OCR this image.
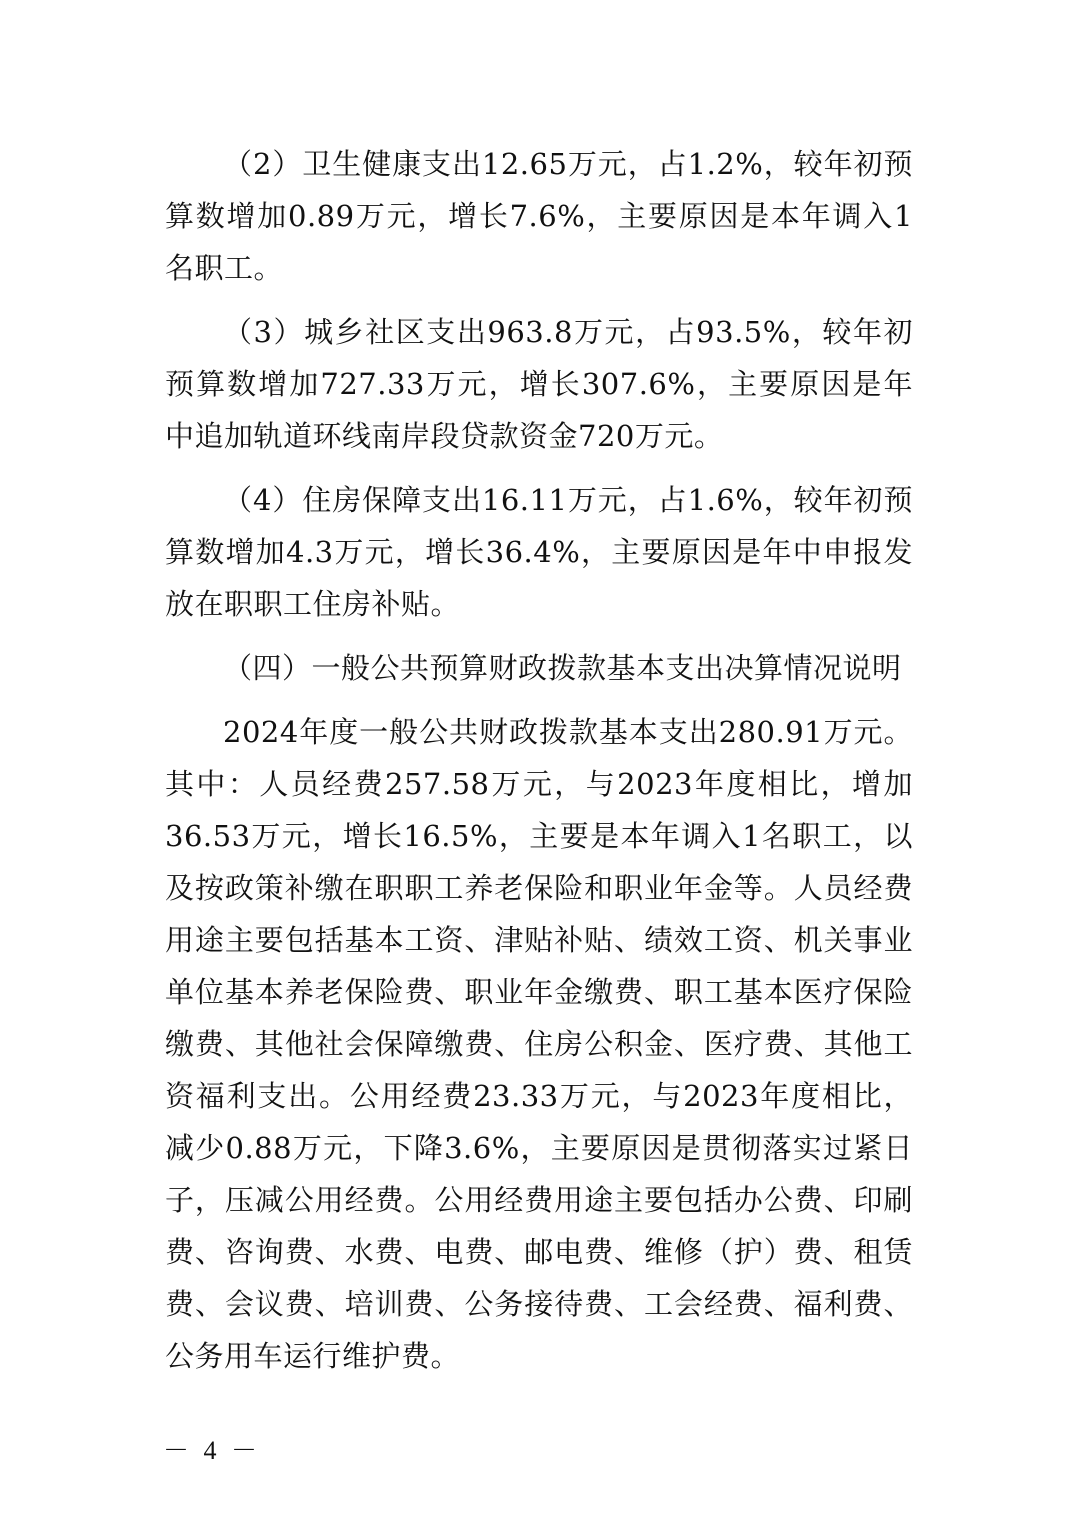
（2）卫生健康支出12.65万元，占1.2%，较年初预算数增加0.89万元，增长7.6%，主要原因是本年调入1名职工。

（3）城乡社区支出963.8万元，占93.5%，较年初预算数增加727.33万元，增长307.6%，主要原因是年中追加轨道环线南岸段贷款资金720万元。

（4）住房保障支出16.11万元，占1.6%，较年初预算数增加4.3万元，增长36.4%，主要原因是年中申报发放在职职工住房补贴。

（四）一般公共预算财政拨款基本支出决算情况说明

2024年度一般公共财政拨款基本支出280.91万元。其中：人员经费257.58万元，与2023年度相比，增加36.53万元，增长16.5%，主要是本年调入1名职工，以及按政策补缴在职职工养老保险和职业年金等。人员经费用途主要包括基本工资、津贴补贴、绩效工资、机关事业单位基本养老保险费、职业年金缴费、职工基本医疗保险缴费、其他社会保障缴费、住房公积金、医疗费、其他工资福利支出。公用经费23.33万元，与2023年度相比，减少0.88万元，下降3.6%，主要原因是贯彻落实过紧日子，压减公用经费。公用经费用途主要包括办公费、印刷费、咨询费、水费、电费、邮电费、维修（护）费、租赁费、会议费、培训费、公务接待费、工会经费、福利费、公务用车运行维护费。

－ 4 －
